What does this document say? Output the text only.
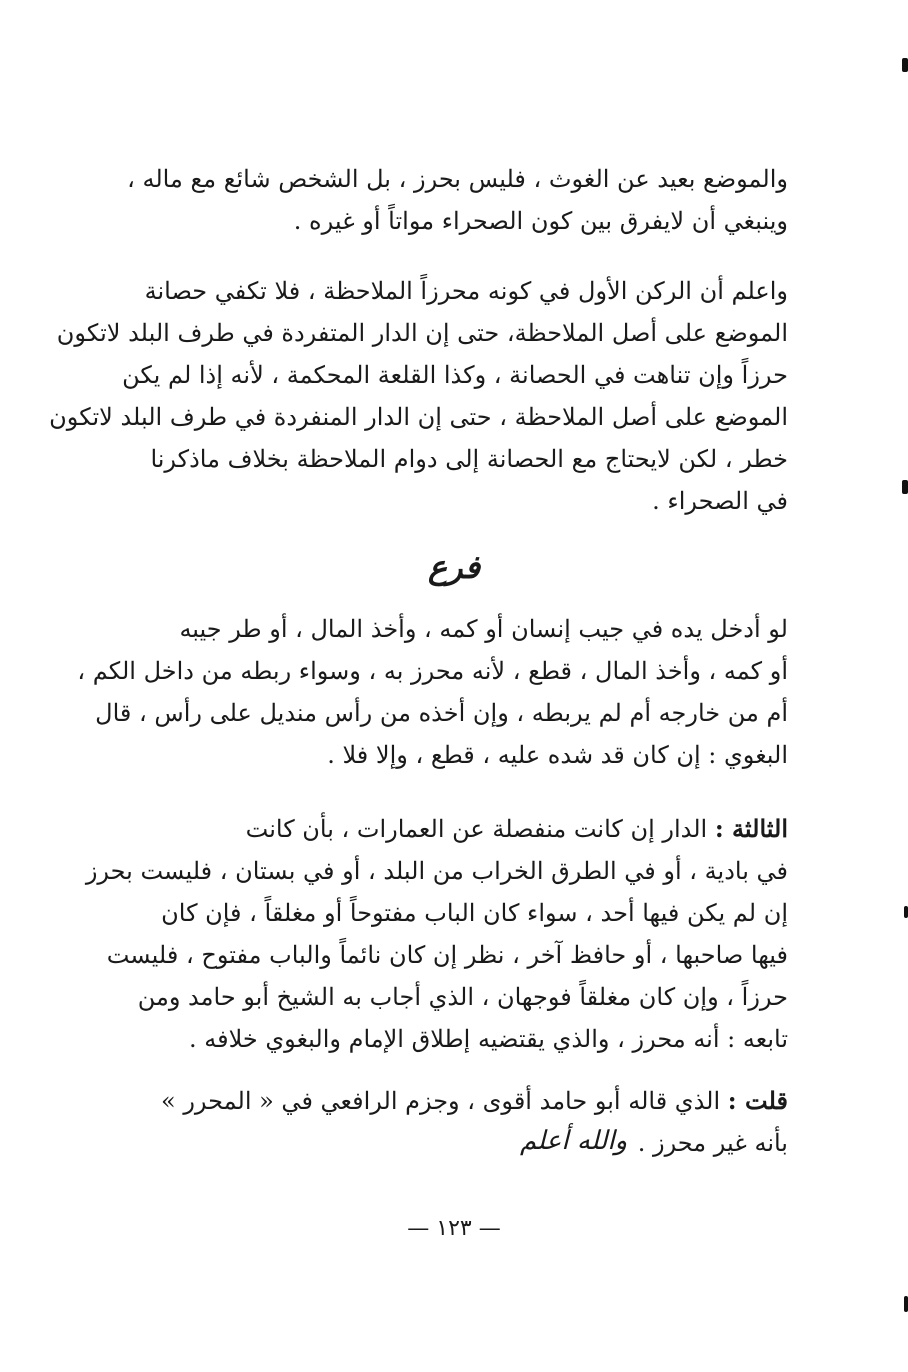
والموضع بعيد عن الغوث ، فليس بحرز ، بل الشخص شائع مع ماله ،
وينبغي أن لايفرق بين كون الصحراء مواتاً أو غيره .
واعلم أن الركن الأول في كونه محرزاً الملاحظة ، فلا تكفي حصانة
الموضع على أصل الملاحظة، حتى إن الدار المتفردة في طرف البلد لاتكون
حرزاً وإن تناهت في الحصانة ، وكذا القلعة المحكمة ، لأنه إذا لم يكن
الموضع على أصل الملاحظة ، حتى إن الدار المنفردة في طرف البلد لاتكون
خطر ، لكن لايحتاج مع الحصانة إلى دوام الملاحظة بخلاف ماذكرنا
في الصحراء .
فرع
لو أدخل يده في جيب إنسان أو كمه ، وأخذ المال ، أو طر جيبه
أو كمه ، وأخذ المال ، قطع ، لأنه محرز به ، وسواء ربطه من داخل الكم ،
أم من خارجه أم لم يربطه ، وإن أخذه من رأس منديل على رأس ، قال
البغوي : إن كان قد شده عليه ، قطع ، وإلا فلا .
الثالثة : الدار إن كانت منفصلة عن العمارات ، بأن كانت
في بادية ، أو في الطرق الخراب من البلد ، أو في بستان ، فليست بحرز
إن لم يكن فيها أحد ، سواء كان الباب مفتوحاً أو مغلقاً ، فإن كان
فيها صاحبها ، أو حافظ آخر ، نظر إن كان نائماً والباب مفتوح ، فليست
حرزاً ، وإن كان مغلقاً فوجهان ، الذي أجاب به الشيخ أبو حامد ومن
تابعه : أنه محرز ، والذي يقتضيه إطلاق الإمام والبغوي خلافه .
قلت : الذي قاله أبو حامد أقوى ، وجزم الرافعي في « المحرر »
بأنه غير محرز .
والله أعلم
— ١٢٣ —
